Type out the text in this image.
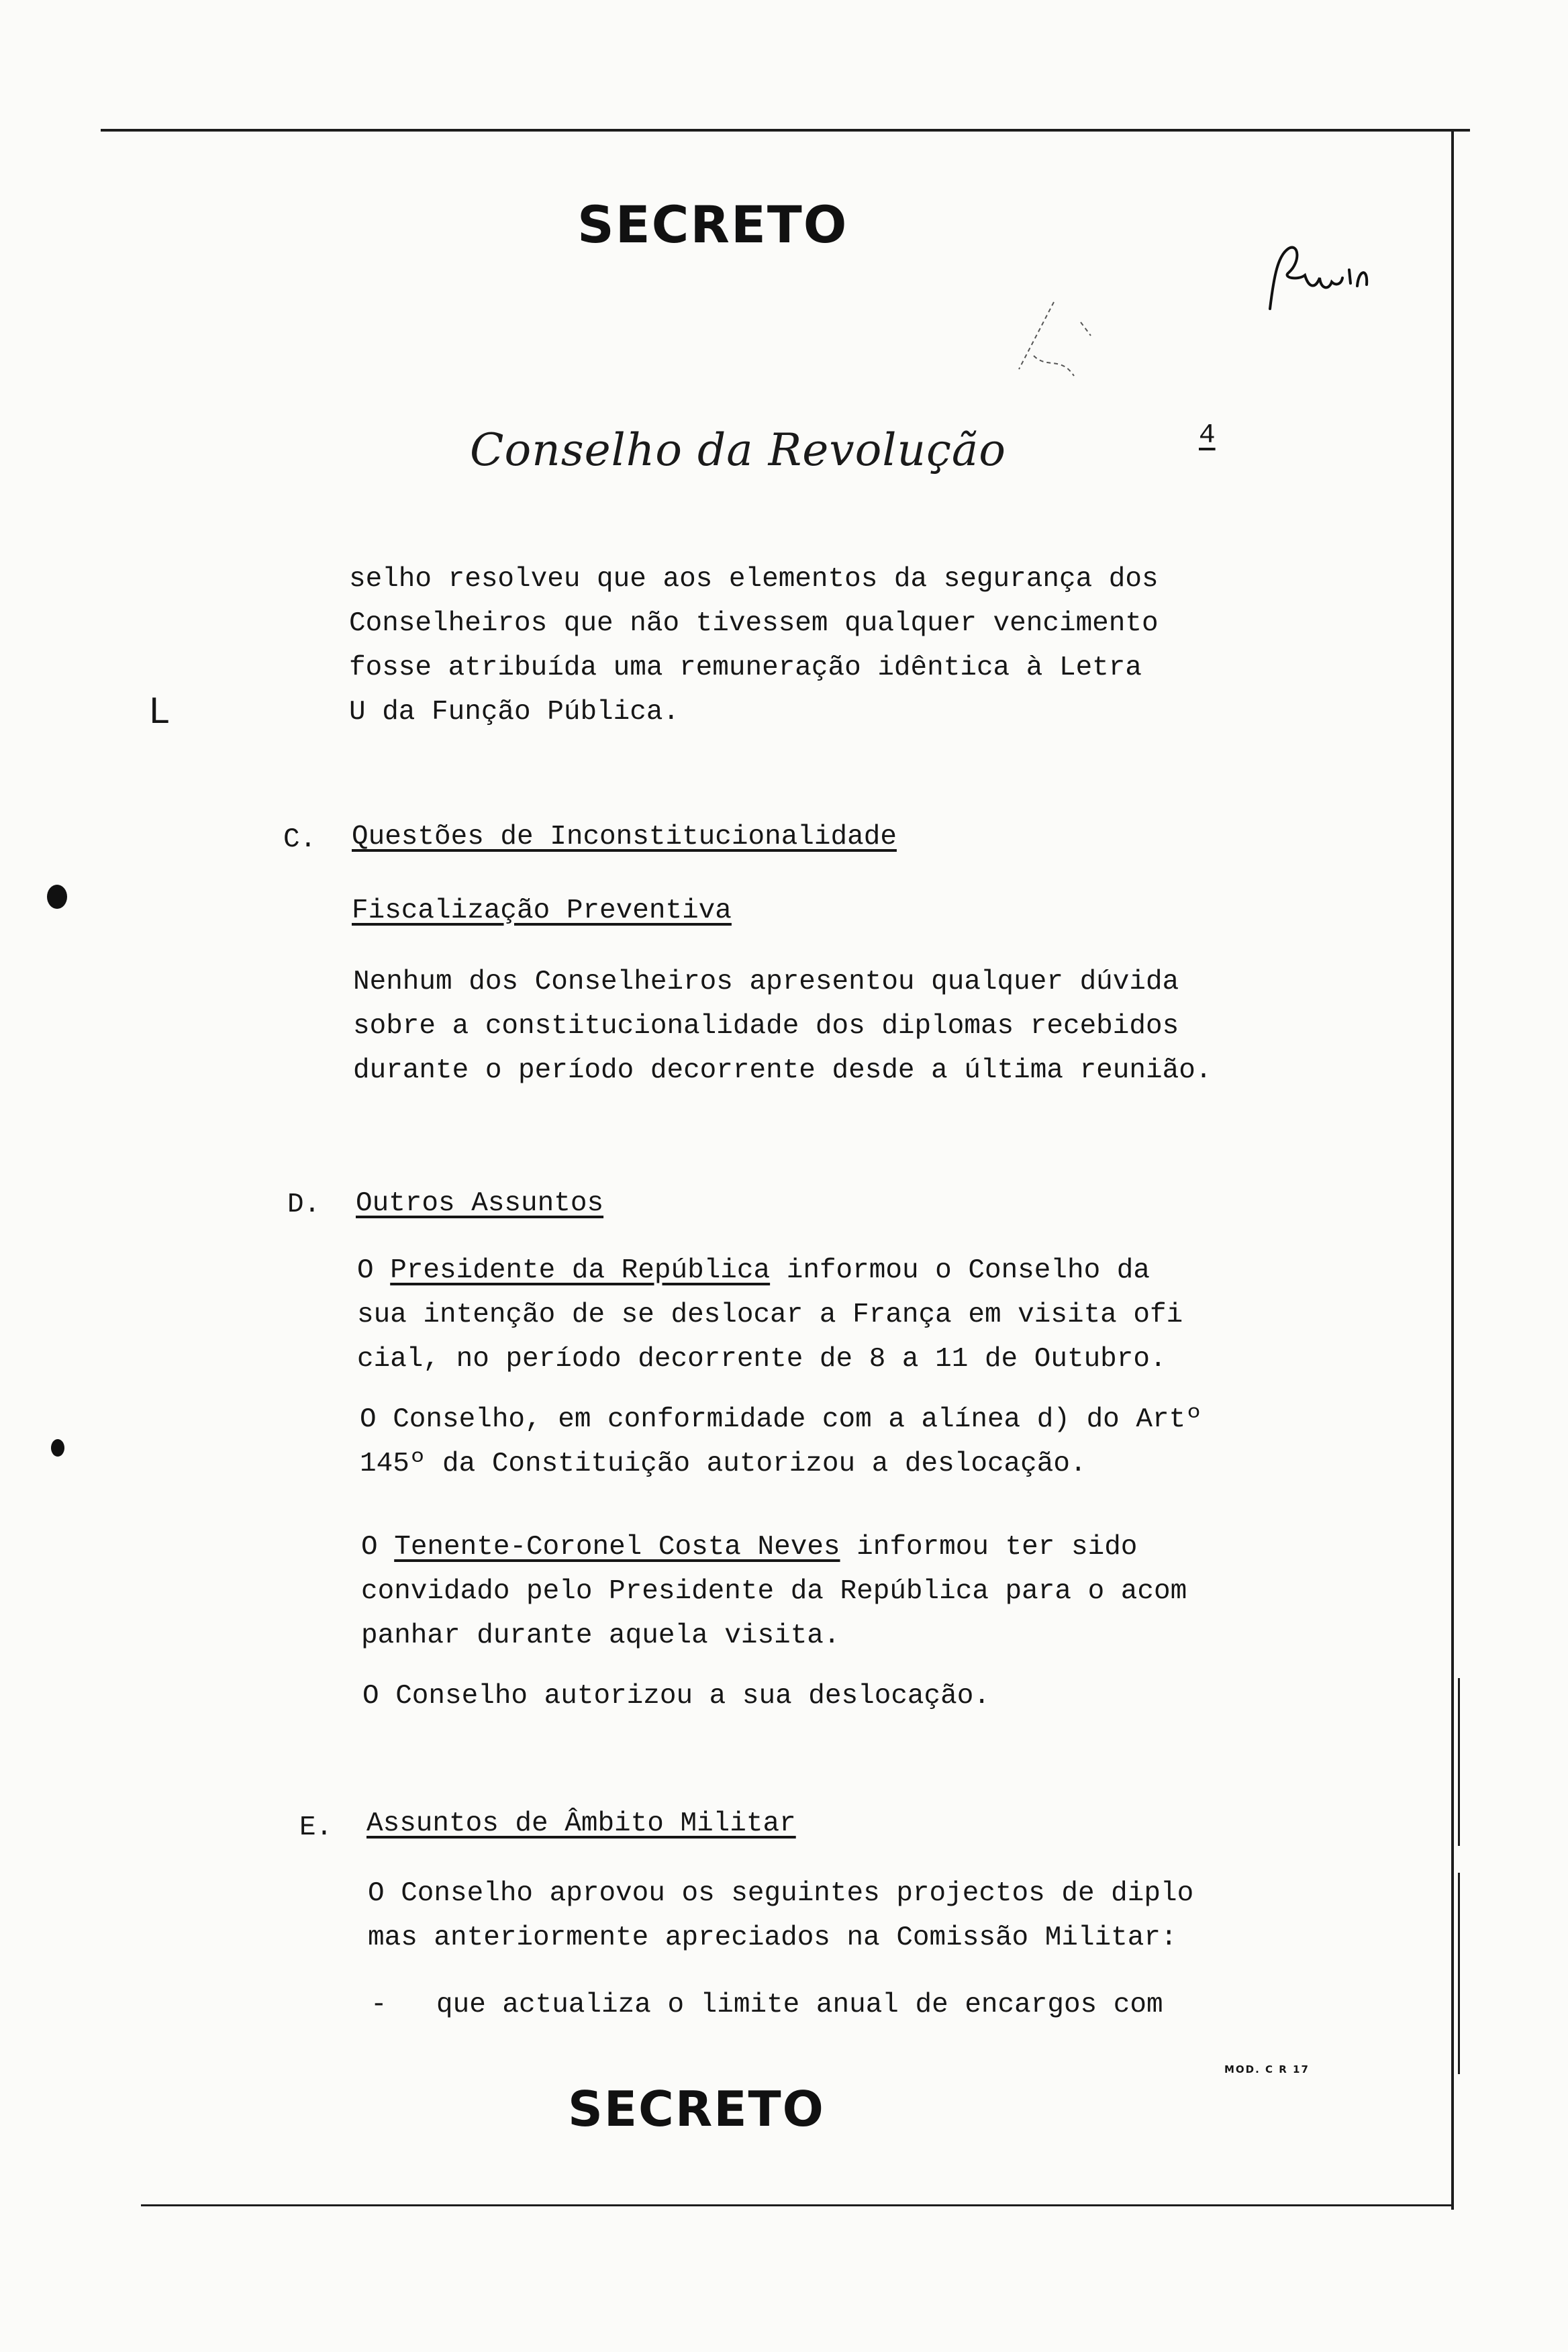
SECRETO
Conselho da Revolução	4
L
selho resolveu que aos elementos da segurança dos
Conselheiros que não tivessem qualquer vencimento
fosse atribuída uma remuneração idêntica à Letra
U da Função Pública.
C. Questões de Inconstitucionalidade
Fiscalização Preventiva
Nenhum dos Conselheiros apresentou qualquer dúvida
sobre a constitucionalidade dos diplomas recebidos
durante o período decorrente desde a última reunião.
D. Outros Assuntos
O Presidente da República informou o Conselho da
sua intenção de se deslocar a França em visita ofi
cial, no período decorrente de 8 a 11 de Outubro.
O Conselho, em conformidade com a alínea d) do Artº
145º da Constituição autorizou a deslocação.
O Tenente-Coronel Costa Neves informou ter sido
convidado pelo Presidente da República para o acom
panhar durante aquela visita.
O Conselho autorizou a sua deslocação.
E. Assuntos de Âmbito Militar
O Conselho aprovou os seguintes projectos de diplo
mas anteriormente apreciados na Comissão Militar:
- que actualiza o limite anual de encargos com
MOD. C R 17
SECRETO
